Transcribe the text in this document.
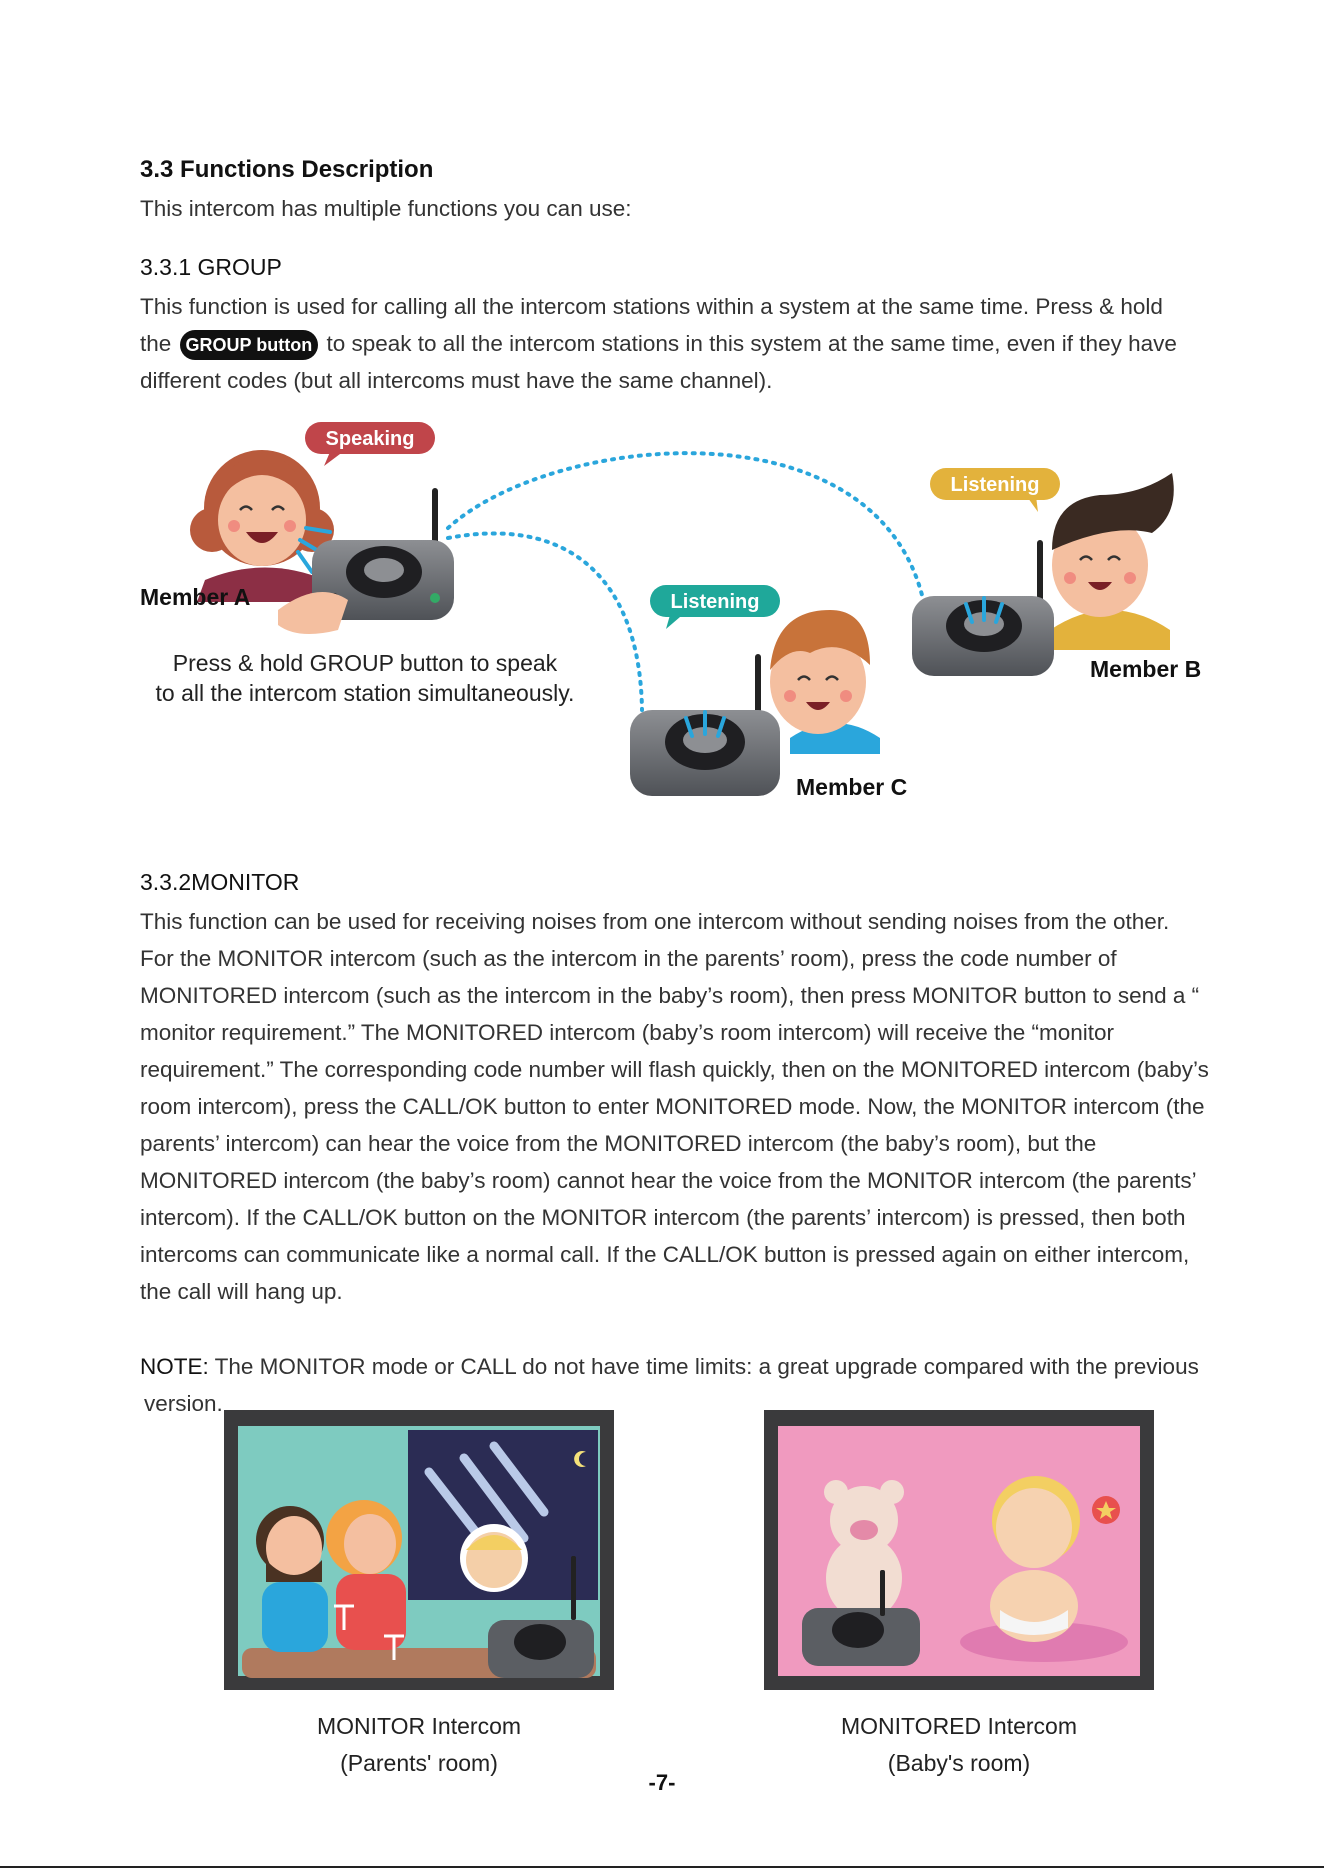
3.3 Functions Description
This intercom has multiple functions you can use:
3.3.1 GROUP
This function is used for calling all the intercom stations within a system at the same time. Press & hold
the GROUP button to speak to all the intercom stations in this system at the same time, even if they have
different codes (but all intercoms must have the same channel).
Speaking
Listening
Listening
Member A
Member B
Member C
Press & hold GROUP button to speak
to all the intercom station simultaneously.
3.3.2MONITOR
This function can be used for receiving noises from one intercom without sending noises from the other.
For the MONITOR intercom (such as the intercom in the parents’ room), press the code number of
MONITORED intercom (such as the intercom in the baby’s room), then press MONITOR button to send a “
monitor requirement.” The MONITORED intercom (baby’s room intercom) will receive the “monitor
requirement.” The corresponding code number will flash quickly, then on the MONITORED intercom (baby’s
room intercom), press the CALL/OK button to enter MONITORED mode. Now, the MONITOR intercom (the
parents’ intercom) can hear the voice from the MONITORED intercom (the baby’s room), but the
MONITORED intercom (the baby’s room) cannot hear the voice from the MONITOR intercom (the parents’
intercom). If the CALL/OK button on the MONITOR intercom (the parents’ intercom) is pressed, then both
intercoms can communicate like a normal call. If the CALL/OK button is pressed again on either intercom,
the call will hang up.
NOTE: The MONITOR mode or CALL do not have time limits: a great upgrade compared with the previous
version.
MONITOR Intercom
(Parents' room)
MONITORED Intercom
(Baby's room)
-7-
